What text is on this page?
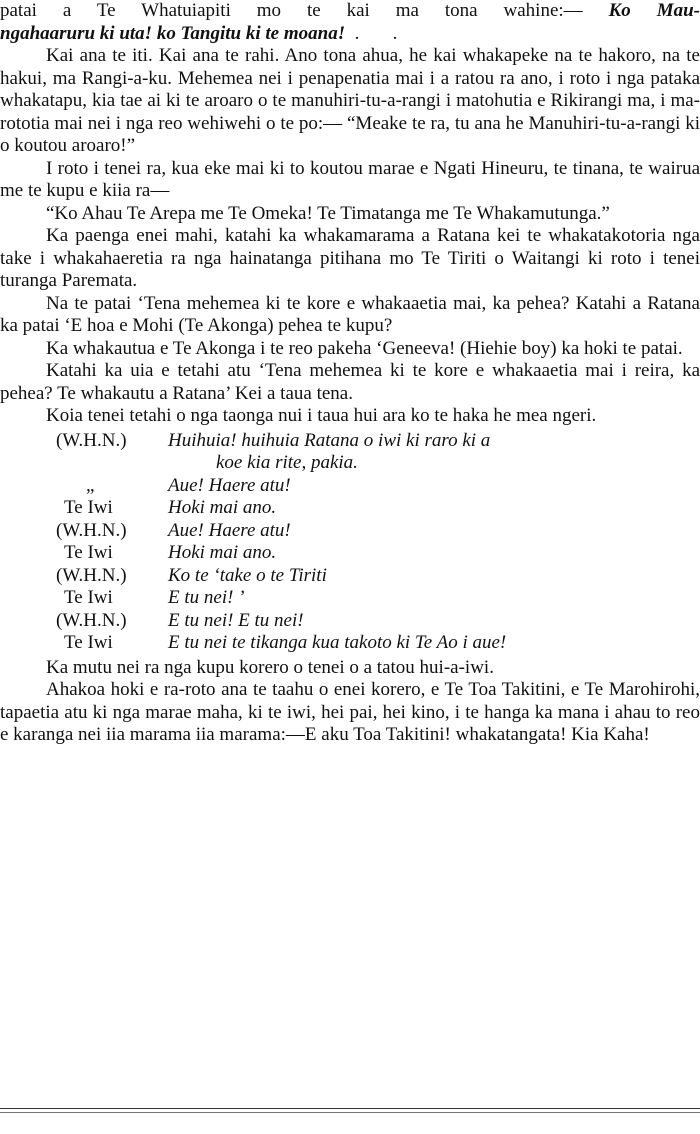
patai a Te Whatuiapiti mo te kai ma tona wahine:— Ko Mau-
ngahaaruru ki uta! ko Tangitu ki te moana!  .       .

Kai ana te iti. Kai ana te rahi. Ano tona ahua, he kai whakapeke na te hakoro, na te hakui, ma Rangi-a-ku. Mehemea nei i penapenatia mai i a ratou ra ano, i roto i nga pataka whakatapu, kia tae ai ki te aroaro o te manuhiri-tu-a-rangi i matohutia e Rikirangi ma, i ma-rototia mai nei i nga reo wehiwehi o te po:— “Meake te ra, tu ana he Manuhiri-tu-a-rangi ki o koutou aroaro!”

I roto i tenei ra, kua eke mai ki to koutou marae e Ngati Hineuru, te tinana, te wairua me te kupu e kiia ra—

“Ko Ahau Te Arepa me Te Omeka! Te Timatanga me Te Whakamutunga.”

Ka paenga enei mahi, katahi ka whakamarama a Ratana kei te whakatakotoria nga take i whakahaeretia ra nga hainatanga pitihana mo Te Tiriti o Waitangi ki roto i tenei turanga Paremata.

Na te patai ‘Tena mehemea ki te kore e whakaaetia mai, ka pehea? Katahi a Ratana ka patai ‘E hoa e Mohi (Te Akonga) pehea te kupu?

Ka whakautua e Te Akonga i te reo pakeha ‘Geneeva! (Hiehie boy) ka hoki te patai.

Katahi ka uia e tetahi atu ‘Tena mehemea ki te kore e whakaaetia mai i reira, ka pehea? Te whakautu a Ratana’ Kei a taua tena.

Koia tenei tetahi o nga taonga nui i taua hui ara ko te haka he mea ngeri.

(W.H.N.)	Huihuia! huihuia Ratana o iwi ki raro ki a
koe kia rite, pakia.
„	Aue! Haere atu!
Te Iwi	Hoki mai ano.
(W.H.N.)	Aue! Haere atu!
Te Iwi	Hoki mai ano.
(W.H.N.)	Ko te ‘take o te Tiriti
Te Iwi	E tu nei! ’
(W.H.N.)	E tu nei! E tu nei!
Te Iwi	E tu nei te tikanga kua takoto ki Te Ao i aue!

Ka mutu nei ra nga kupu korero o tenei o a tatou hui-a-iwi.

Ahakoa hoki e ra-roto ana te taahu o enei korero, e Te Toa Takitini, e Te Marohirohi, tapaetia atu ki nga marae maha, ki te iwi, hei pai, hei kino, i te hanga ka mana i ahau to reo e karanga nei iia marama iia marama:—E aku Toa Takitini! whakatangata! Kia Kaha!
